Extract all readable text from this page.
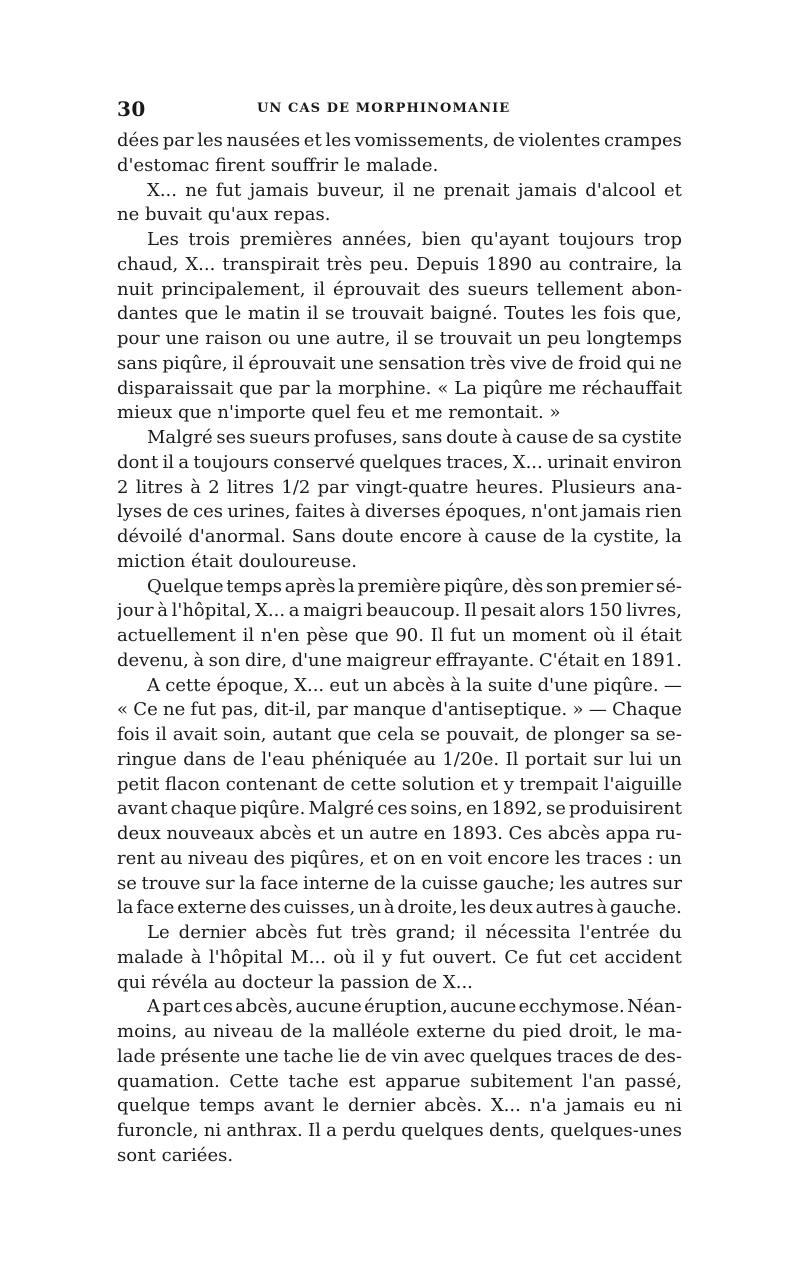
30	UN CAS DE MORPHINOMANIE
dées par les nausées et les vomissements, de violentes crampes
d'estomac firent souffrir le malade.
X... ne fut jamais buveur, il ne prenait jamais d'alcool et
ne buvait qu'aux repas.
Les trois premières années, bien qu'ayant toujours trop
chaud, X... transpirait très peu. Depuis 1890 au contraire, la
nuit principalement, il éprouvait des sueurs tellement abon-
dantes que le matin il se trouvait baigné. Toutes les fois que,
pour une raison ou une autre, il se trouvait un peu longtemps
sans piqûre, il éprouvait une sensation très vive de froid qui ne
disparaissait que par la morphine. « La piqûre me réchauffait
mieux que n'importe quel feu et me remontait. »
Malgré ses sueurs profuses, sans doute à cause de sa cystite
dont il a toujours conservé quelques traces, X... urinait environ
2 litres à 2 litres 1/2 par vingt-quatre heures. Plusieurs ana-
lyses de ces urines, faites à diverses époques, n'ont jamais rien
dévoilé d'anormal. Sans doute encore à cause de la cystite, la
miction était douloureuse.
Quelque temps après la première piqûre, dès son premier sé-
jour à l'hôpital, X... a maigri beaucoup. Il pesait alors 150 livres,
actuellement il n'en pèse que 90. Il fut un moment où il était
devenu, à son dire, d'une maigreur effrayante. C'était en 1891.
A cette époque, X... eut un abcès à la suite d'une piqûre. —
« Ce ne fut pas, dit-il, par manque d'antiseptique. » — Chaque
fois il avait soin, autant que cela se pouvait, de plonger sa se-
ringue dans de l'eau phéniquée au 1/20e. Il portait sur lui un
petit flacon contenant de cette solution et y trempait l'aiguille
avant chaque piqûre. Malgré ces soins, en 1892, se produisirent
deux nouveaux abcès et un autre en 1893. Ces abcès appa ru-
rent au niveau des piqûres, et on en voit encore les traces : un
se trouve sur la face interne de la cuisse gauche; les autres sur
la face externe des cuisses, un à droite, les deux autres à gauche.
Le dernier abcès fut très grand; il nécessita l'entrée du
malade à l'hôpital M... où il y fut ouvert. Ce fut cet accident
qui révéla au docteur la passion de X...
A part ces abcès, aucune éruption, aucune ecchymose. Néan-
moins, au niveau de la malléole externe du pied droit, le ma-
lade présente une tache lie de vin avec quelques traces de des-
quamation. Cette tache est apparue subitement l'an passé,
quelque temps avant le dernier abcès. X... n'a jamais eu ni
furoncle, ni anthrax. Il a perdu quelques dents, quelques-unes
sont cariées.
